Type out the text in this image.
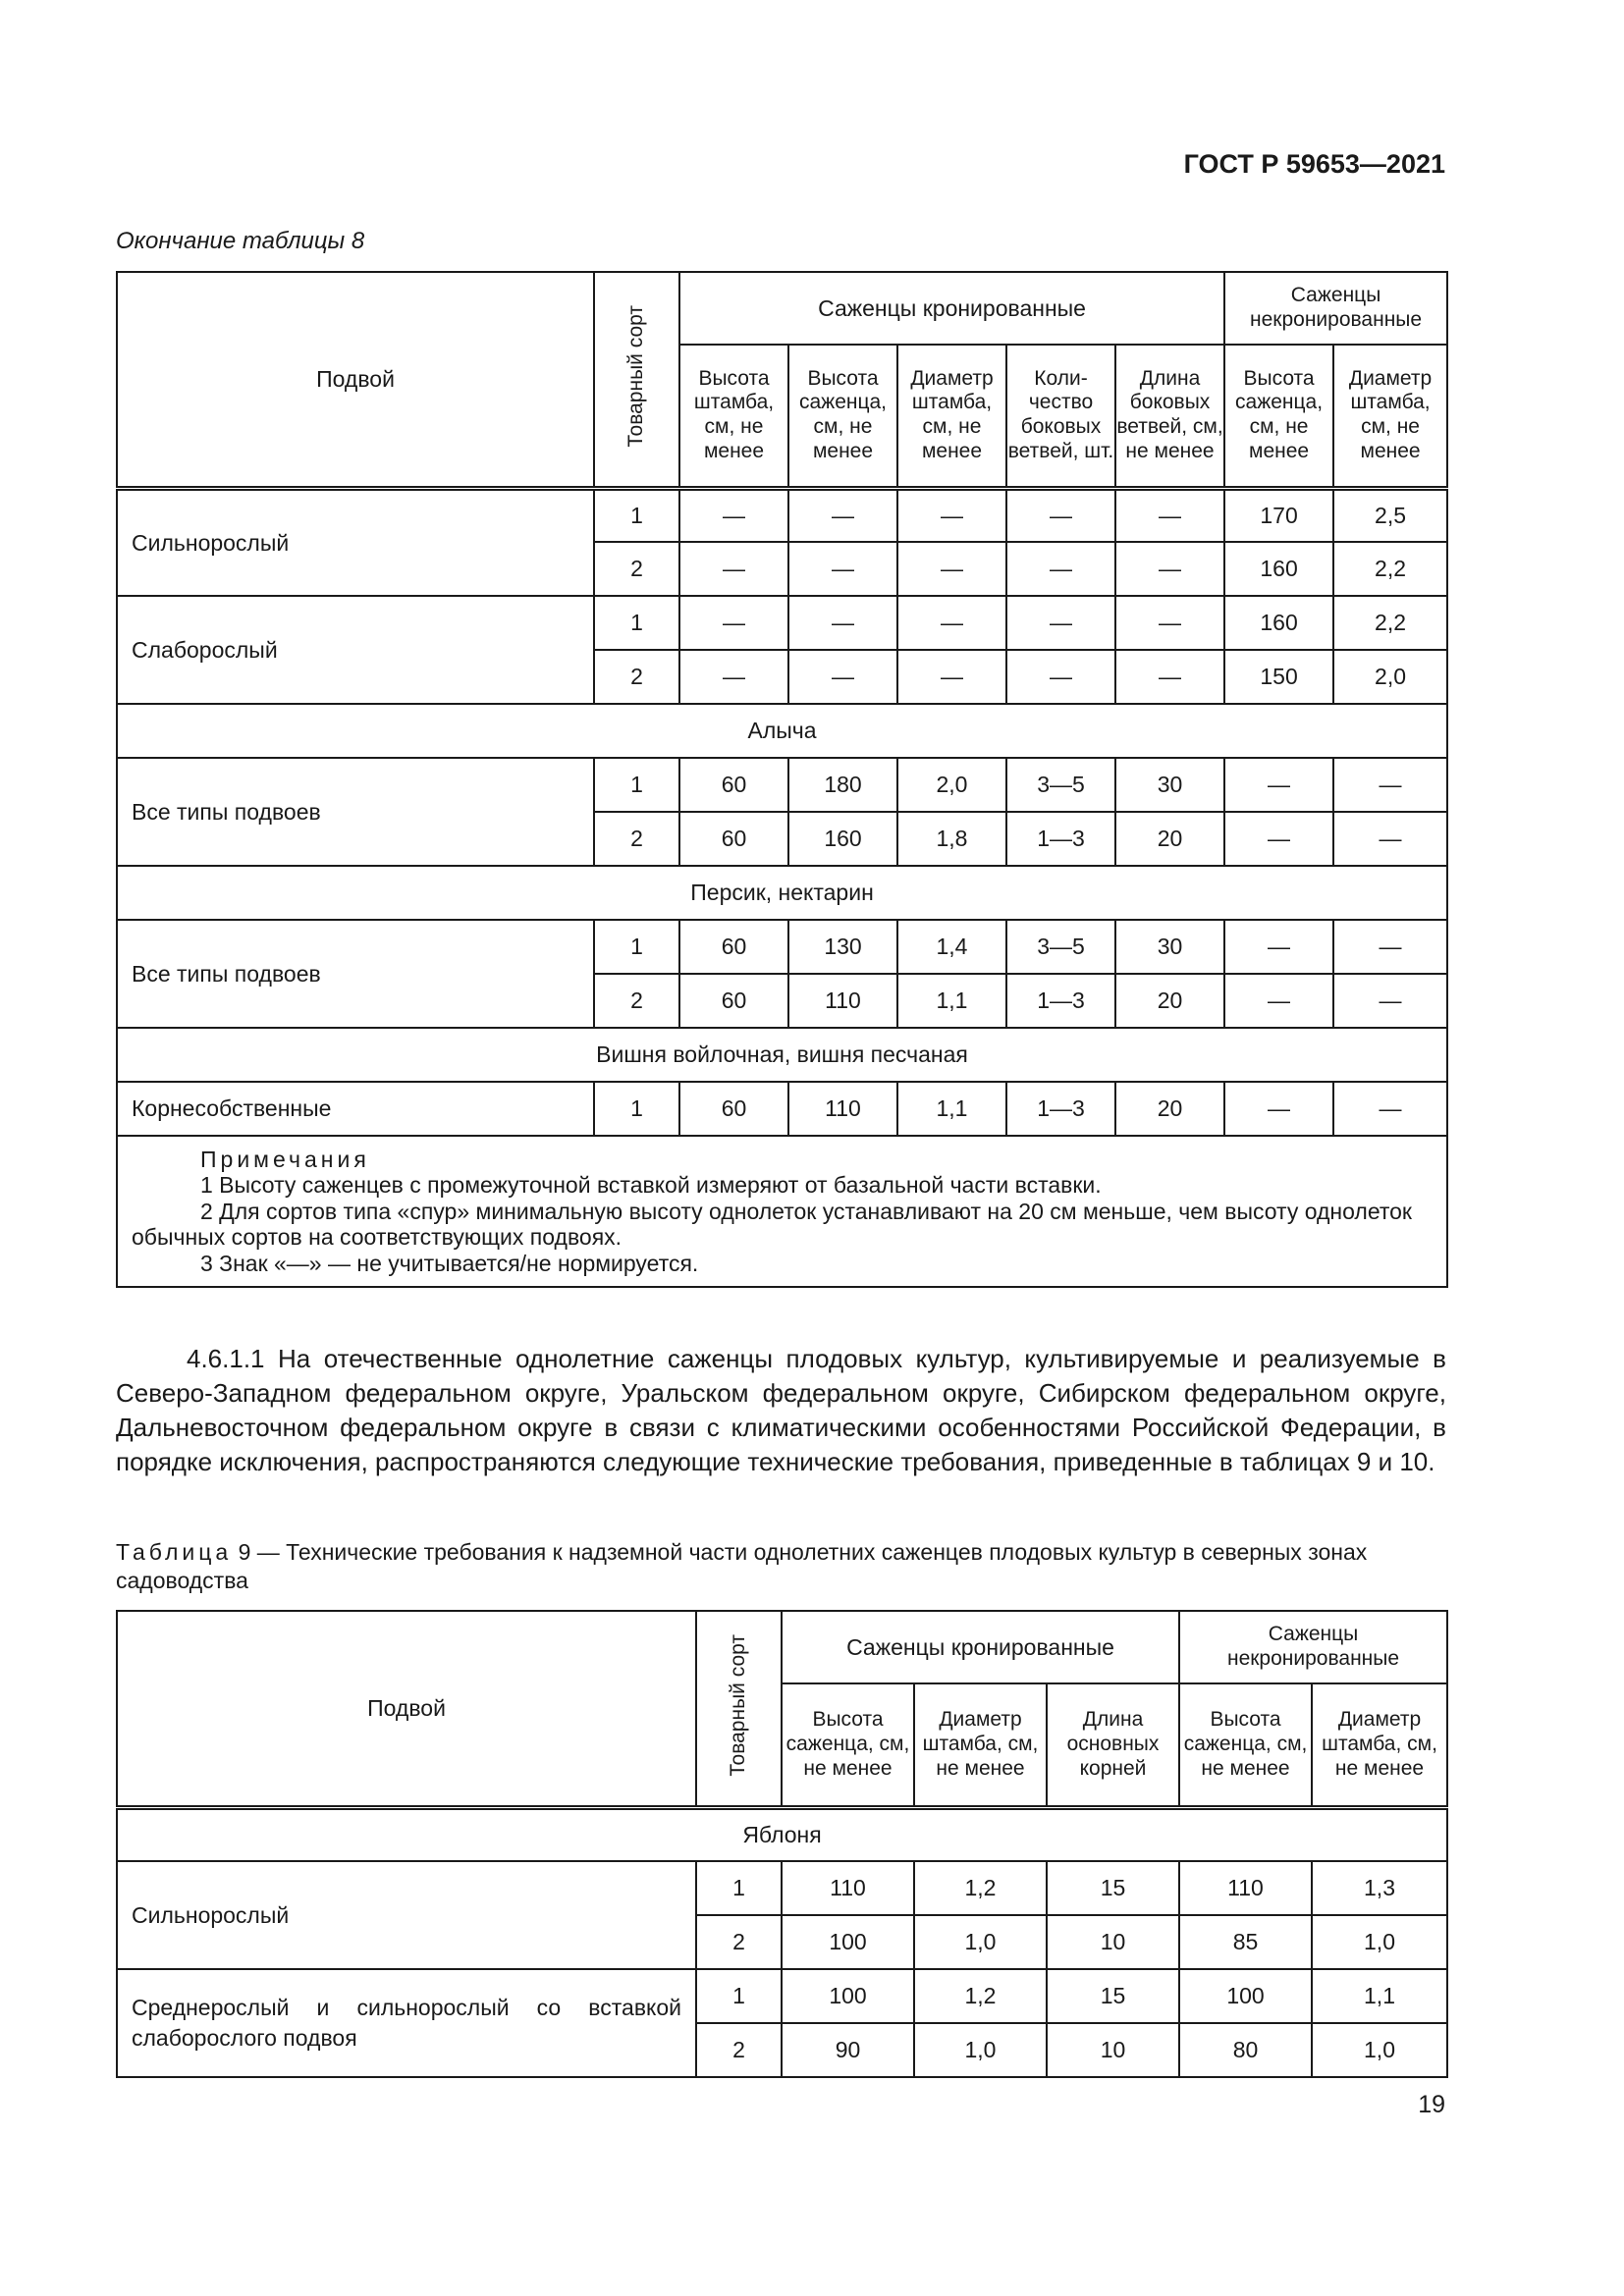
ГОСТ Р 59653—2021
Окончание таблицы 8
Подвой	Товарный сорт	Саженцы кронированные					Саженцы некронированные	
		Высота штамба, см, не менее	Высота саженца, см, не менее	Диаметр штамба, см, не менее	Коли-чество боковых ветвей, шт.	Длина боковых ветвей, см, не менее	Высота саженца, см, не менее	Диаметр штамба, см, не менее
Сильнорослый	1	—	—	—	—	—	170	2,5
	2	—	—	—	—	—	160	2,2
Слаборослый	1	—	—	—	—	—	160	2,2
	2	—	—	—	—	—	150	2,0
Алыча								
Все типы подвоев	1	60	180	2,0	3—5	30	—	—
	2	60	160	1,8	1—3	20	—	—
Персик, нектарин								
Все типы подвоев	1	60	130	1,4	3—5	30	—	—
	2	60	110	1,1	1—3	20	—	—
Вишня войлочная, вишня песчаная								
Корнесобственные	1	60	110	1,1	1—3	20	—	—

Примечания
1 Высоту саженцев с промежуточной вставкой измеряют от базальной части вставки.
2 Для сортов типа «спур» минимальную высоту однолеток устанавливают на 20 см меньше, чем высоту однолеток обычных сортов на соответствующих подвоях.
3 Знак «—» — не учитывается/не нормируется.								
4.6.1.1 На отечественные однолетние саженцы плодовых культур, культивируемые и реализуемые в Северо-Западном федеральном округе, Уральском федеральном округе, Сибирском федеральном округе, Дальневосточном федеральном округе в связи с климатическими особенностями Российской Федерации, в порядке исключения, распространяются следующие технические требования, приведенные в таблицах 9 и 10.
Таблица 9 — Технические требования к надземной части однолетних саженцев плодовых культур в северных зонах садоводства
Подвой	Товарный сорт	Саженцы кронированные			Саженцы некронированные	
		Высота саженца, см, не менее	Диаметр штамба, см, не менее	Длина основных корней	Высота саженца, см, не менее	Диаметр штамба, см, не менее
Яблоня						
Сильнорослый	1	110	1,2	15	110	1,3
	2	100	1,0	10	85	1,0
Среднерослый и сильнорослый со вставкой слаборослого подвоя	1	100	1,2	15	100	1,1
	2	90	1,0	10	80	1,0
19
